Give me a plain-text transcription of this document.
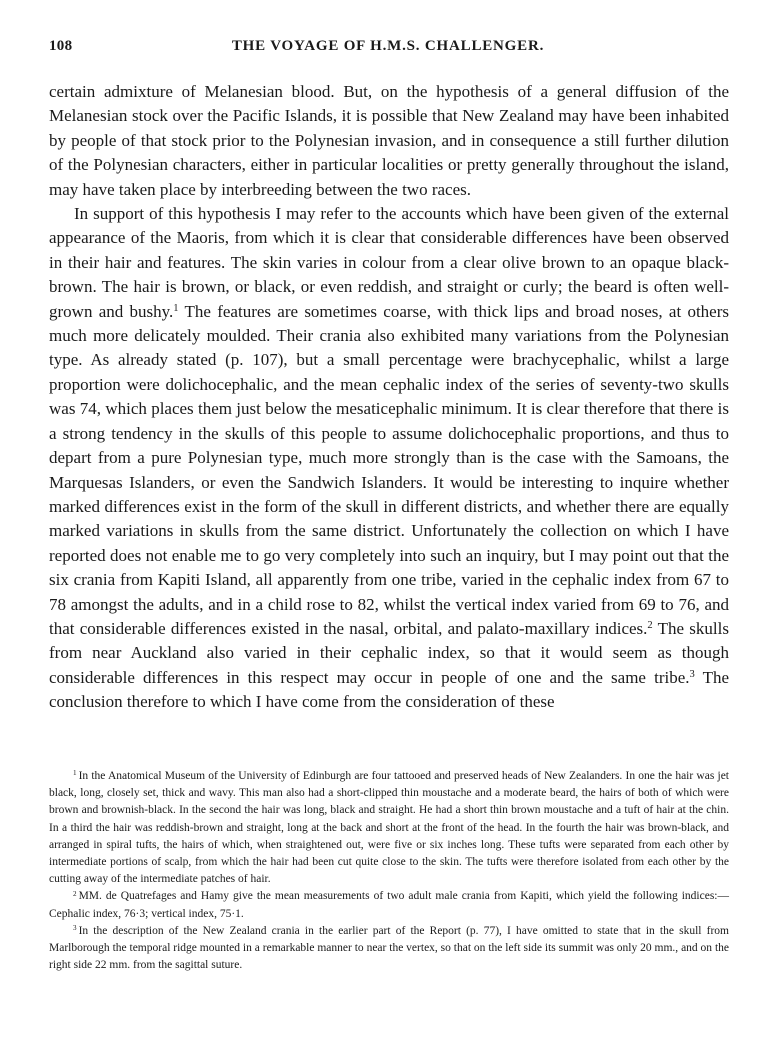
108	THE VOYAGE OF H.M.S. CHALLENGER.

certain admixture of Melanesian blood. But, on the hypothesis of a general diffusion of the Melanesian stock over the Pacific Islands, it is possible that New Zealand may have been inhabited by people of that stock prior to the Polynesian invasion, and in consequence a still further dilution of the Polynesian characters, either in particular localities or pretty generally throughout the island, may have taken place by interbreeding between the two races.

In support of this hypothesis I may refer to the accounts which have been given of the external appearance of the Maoris, from which it is clear that considerable differences have been observed in their hair and features. The skin varies in colour from a clear olive brown to an opaque black-brown. The hair is brown, or black, or even reddish, and straight or curly; the beard is often well-grown and bushy.$^1$ The features are sometimes coarse, with thick lips and broad noses, at others much more delicately moulded. Their crania also exhibited many variations from the Polynesian type. As already stated (p. 107), but a small percentage were brachycephalic, whilst a large proportion were dolichocephalic, and the mean cephalic index of the series of seventy-two skulls was 74, which places them just below the mesaticephalic minimum. It is clear therefore that there is a strong tendency in the skulls of this people to assume dolichocephalic proportions, and thus to depart from a pure Polynesian type, much more strongly than is the case with the Samoans, the Marquesas Islanders, or even the Sandwich Islanders. It would be interesting to inquire whether marked differences exist in the form of the skull in different districts, and whether there are equally marked variations in skulls from the same district. Unfortunately the collection on which I have reported does not enable me to go very completely into such an inquiry, but I may point out that the six crania from Kapiti Island, all apparently from one tribe, varied in the cephalic index from 67 to 78 amongst the adults, and in a child rose to 82, whilst the vertical index varied from 69 to 76, and that considerable differences existed in the nasal, orbital, and palato-maxillary indices.$^2$ The skulls from near Auckland also varied in their cephalic index, so that it would seem as though considerable differences in this respect may occur in people of one and the same tribe.$^3$ The conclusion therefore to which I have come from the consideration of these

$^1$ In the Anatomical Museum of the University of Edinburgh are four tattooed and preserved heads of New Zealanders. In one the hair was jet black, long, closely set, thick and wavy. This man also had a short-clipped thin moustache and a moderate beard, the hairs of both of which were brown and brownish-black. In the second the hair was long, black and straight. He had a short thin brown moustache and a tuft of hair at the chin. In a third the hair was reddish-brown and straight, long at the back and short at the front of the head. In the fourth the hair was brown-black, and arranged in spiral tufts, the hairs of which, when straightened out, were five or six inches long. These tufts were separated from each other by intermediate portions of scalp, from which the hair had been cut quite close to the skin. The tufts were therefore isolated from each other by the cutting away of the intermediate patches of hair.

$^2$ MM. de Quatrefages and Hamy give the mean measurements of two adult male crania from Kapiti, which yield the following indices:—Cephalic index, 76·3; vertical index, 75·1.

$^3$ In the description of the New Zealand crania in the earlier part of the Report (p. 77), I have omitted to state that in the skull from Marlborough the temporal ridge mounted in a remarkable manner to near the vertex, so that on the left side its summit was only 20 mm., and on the right side 22 mm. from the sagittal suture.
